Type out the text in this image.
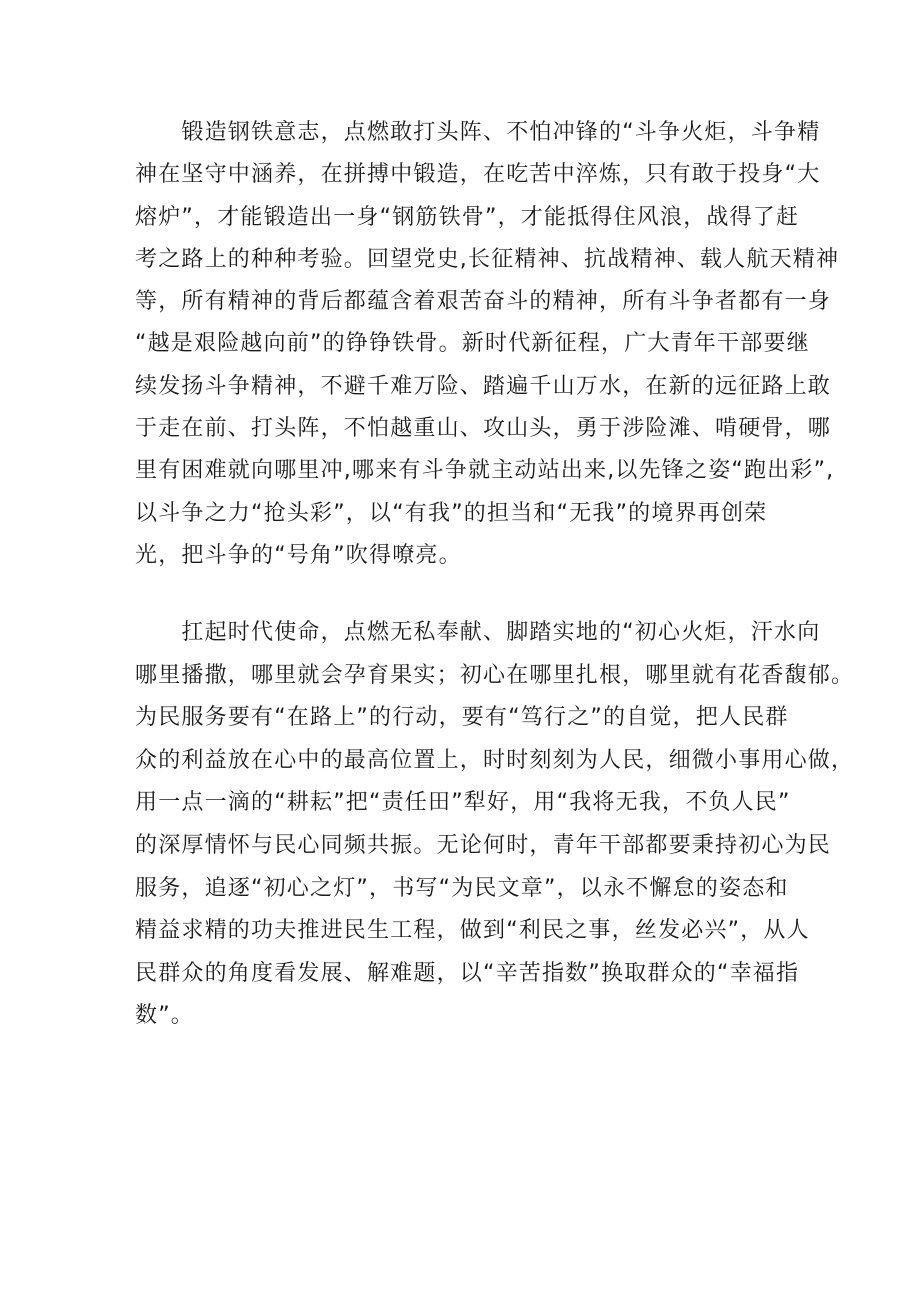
　　锻造钢铁意志，点燃敢打头阵、不怕冲锋的“斗争火炬，斗争精
神在坚守中涵养，在拼搏中锻造，在吃苦中淬炼，只有敢于投身“大
熔炉”，才能锻造出一身“钢筋铁骨”，才能抵得住风浪，战得了赶
考之路上的种种考验。回望党史,长征精神、抗战精神、载人航天精神
等，所有精神的背后都蕴含着艰苦奋斗的精神，所有斗争者都有一身
“越是艰险越向前”的铮铮铁骨。新时代新征程，广大青年干部要继
续发扬斗争精神，不避千难万险、踏遍千山万水，在新的远征路上敢
于走在前、打头阵，不怕越重山、攻山头，勇于涉险滩、啃硬骨，哪
里有困难就向哪里冲,哪来有斗争就主动站出来,以先锋之姿“跑出彩”,
以斗争之力“抢头彩”，以“有我”的担当和“无我”的境界再创荣
光，把斗争的“号角”吹得嘹亮。
　　扛起时代使命，点燃无私奉献、脚踏实地的“初心火炬，汗水向
哪里播撒，哪里就会孕育果实；初心在哪里扎根，哪里就有花香馥郁。
为民服务要有“在路上”的行动，要有“笃行之”的自觉，把人民群
众的利益放在心中的最高位置上，时时刻刻为人民，细微小事用心做，
用一点一滴的“耕耘”把“责任田”犁好，用“我将无我，不负人民”
的深厚情怀与民心同频共振。无论何时，青年干部都要秉持初心为民
服务，追逐“初心之灯”，书写“为民文章”，以永不懈怠的姿态和
精益求精的功夫推进民生工程，做到“利民之事，丝发必兴”，从人
民群众的角度看发展、解难题，以“辛苦指数”换取群众的“幸福指
数”。
